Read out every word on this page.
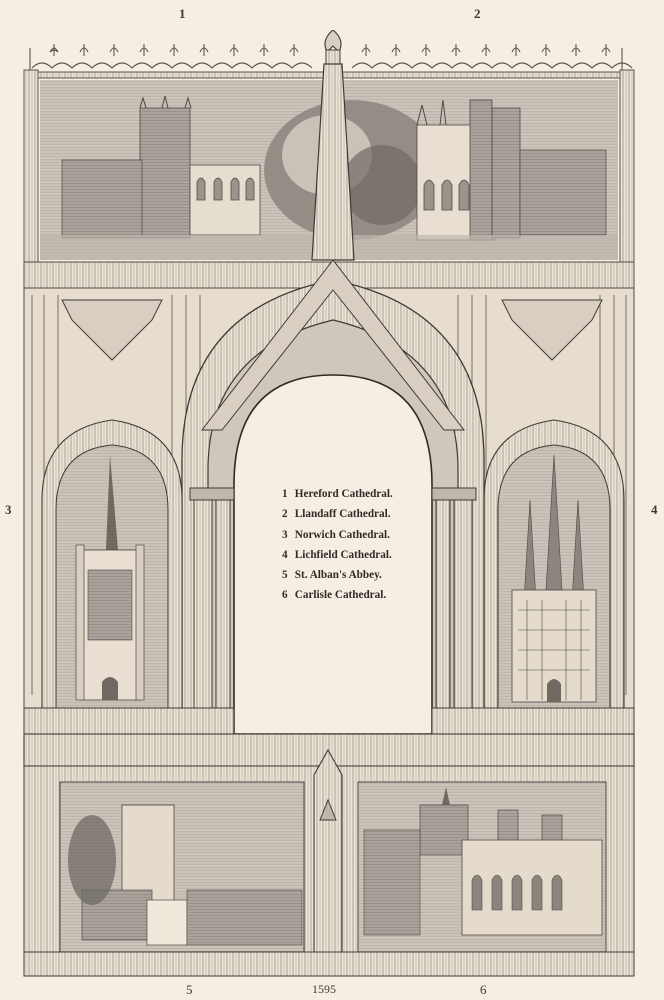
1	2
3	4
5	1595	6
1 Hereford Cathedral.
2 Llandaff Cathedral.
3 Norwich Cathedral.
4 Lichfield Cathedral.
5 St. Alban's Abbey.
6 Carlisle Cathedral.
